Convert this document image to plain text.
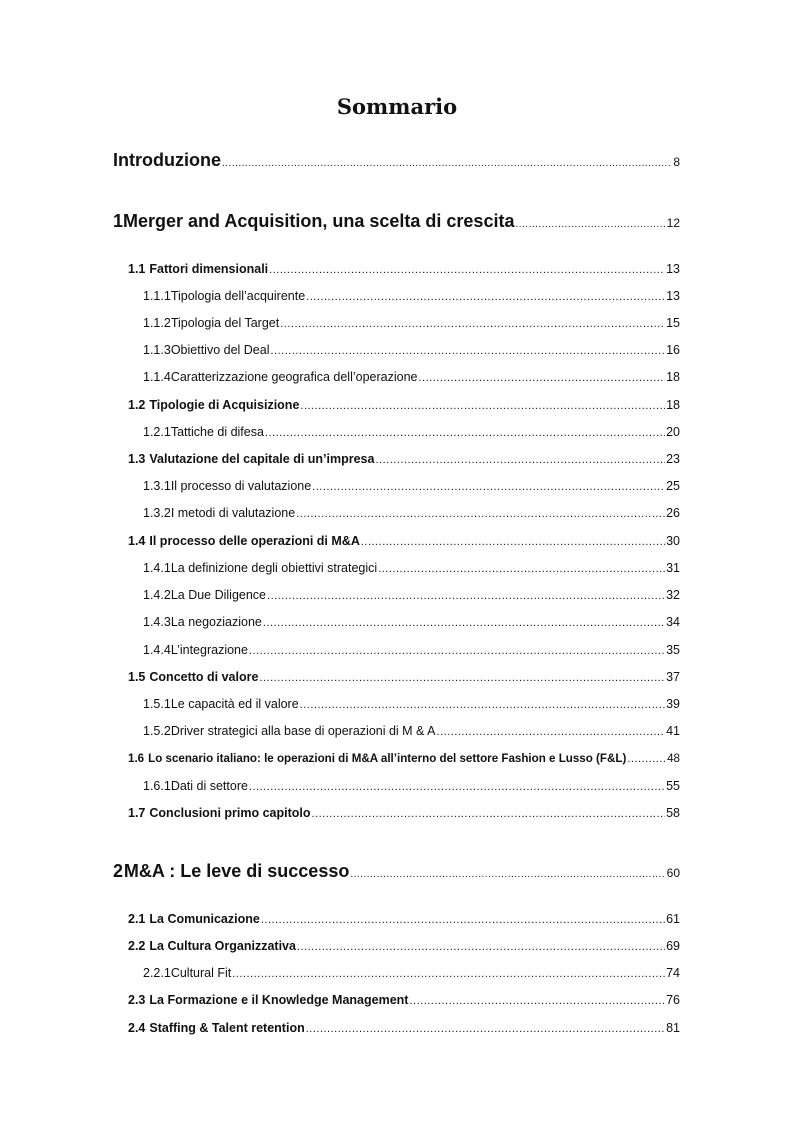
Sommario
Introduzione .....	8
1 Merger and Acquisition, una scelta di crescita .....	12
1.1 Fattori dimensionali .....	13
1.1.1 Tipologia dell’acquirente .....	13
1.1.2 Tipologia del Target .....	15
1.1.3 Obiettivo del Deal .....	16
1.1.4 Caratterizzazione geografica dell’operazione .....	18
1.2 Tipologie di Acquisizione .....	18
1.2.1 Tattiche di difesa .....	20
1.3 Valutazione del capitale di un’impresa .....	23
1.3.1 Il processo di valutazione .....	25
1.3.2 I metodi di valutazione .....	26
1.4 Il processo delle operazioni di M&A .....	30
1.4.1 La definizione degli obiettivi strategici .....	31
1.4.2 La Due Diligence .....	32
1.4.3 La negoziazione .....	34
1.4.4 L’integrazione .....	35
1.5 Concetto di valore .....	37
1.5.1 Le capacità ed il valore .....	39
1.5.2 Driver strategici alla base di operazioni di M & A .....	41
1.6 Lo scenario italiano: le operazioni di M&A all’interno del settore Fashion e Lusso (F&L) .....	48
1.6.1 Dati di settore .....	55
1.7 Conclusioni primo capitolo .....	58
2 M&A : Le leve di successo .....	60
2.1 La Comunicazione .....	61
2.2 La Cultura Organizzativa .....	69
2.2.1 Cultural Fit .....	74
2.3 La Formazione e il Knowledge Management .....	76
2.4 Staffing & Talent retention .....	81
